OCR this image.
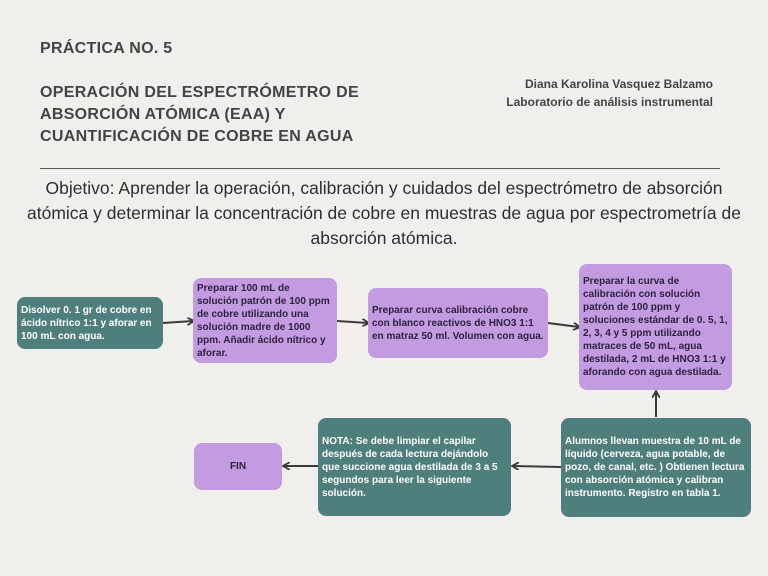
PRÁCTICA NO. 5
OPERACIÓN DEL ESPECTRÓMETRO DE
ABSORCIÓN ATÓMICA (EAA) Y
CUANTIFICACIÓN DE COBRE EN AGUA
Diana Karolina Vasquez Balzamo
Laboratorio de análisis instrumental
Objetivo: Aprender la operación, calibración y cuidados del espectrómetro de absorción atómica y determinar la concentración de cobre en muestras de agua por espectrometría de absorción atómica.
Disolver 0. 1 gr de cobre en ácido nítrico 1:1 y aforar en 100 mL con agua.
Preparar 100 mL de solución patrón de 100 ppm de cobre utilizando una solución madre de 1000 ppm. Añadir ácido nítrico y aforar.
Preparar curva calibración cobre con blanco reactivos de HNO3 1:1 en matraz 50 ml. Volumen con agua.
Preparar la curva de calibración con solución patrón de 100 ppm y soluciones estándar de 0. 5, 1, 2, 3, 4 y 5 ppm utilizando matraces de 50 mL, agua destilada, 2 mL de HNO3 1:1 y aforando con agua destilada.
Alumnos llevan muestra de 10 mL de líquido (cerveza, agua potable, de pozo, de canal, etc. ) Obtienen lectura con absorción atómica y calibran instrumento. Registro en tabla 1.
NOTA: Se debe limpiar el capilar después de cada lectura dejándolo que succione agua destilada de 3 a 5 segundos para leer la siguiente solución.
FIN
